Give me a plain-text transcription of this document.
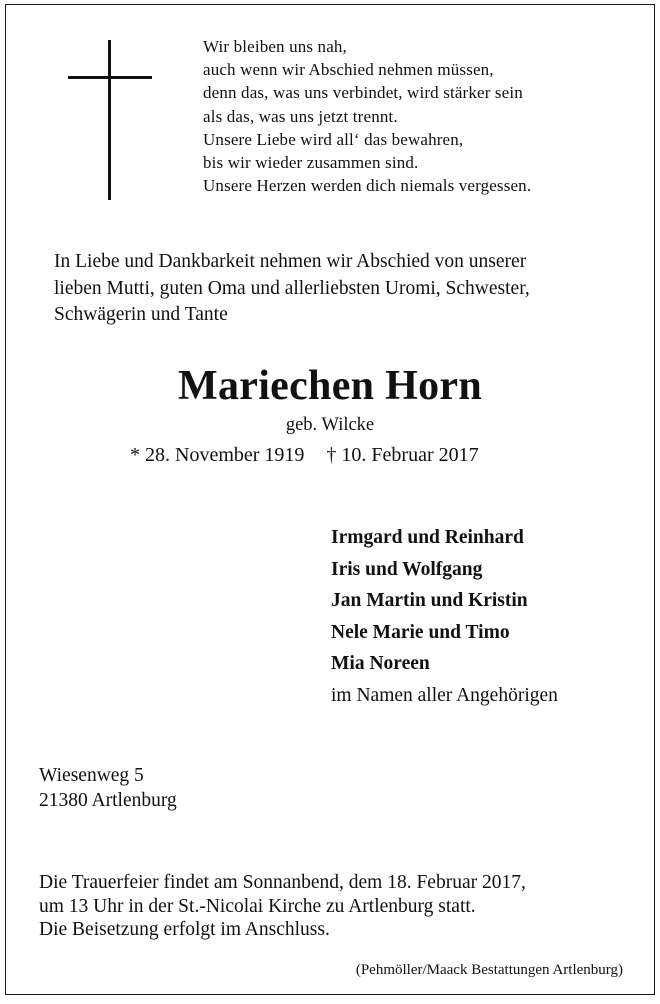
Wir bleiben uns nah,
auch wenn wir Abschied nehmen müssen,
denn das, was uns verbindet, wird stärker sein
als das, was uns jetzt trennt.
Unsere Liebe wird all‘ das bewahren,
bis wir wieder zusammen sind.
Unsere Herzen werden dich niemals vergessen.
In Liebe und Dankbarkeit nehmen wir Abschied von unserer
lieben Mutti, guten Oma und allerliebsten Uromi, Schwester,
Schwägerin und Tante
Mariechen Horn
geb. Wilcke
* 28. November 1919 † 10. Februar 2017
Irmgard und Reinhard
Iris und Wolfgang
Jan Martin und Kristin
Nele Marie und Timo
Mia Noreen
im Namen aller Angehörigen
Wiesenweg 5
21380 Artlenburg
Die Trauerfeier findet am Sonnanbend, dem 18. Februar 2017,
um 13 Uhr in der St.-Nicolai Kirche zu Artlenburg statt.
Die Beisetzung erfolgt im Anschluss.
(Pehmöller/Maack Bestattungen Artlenburg)
